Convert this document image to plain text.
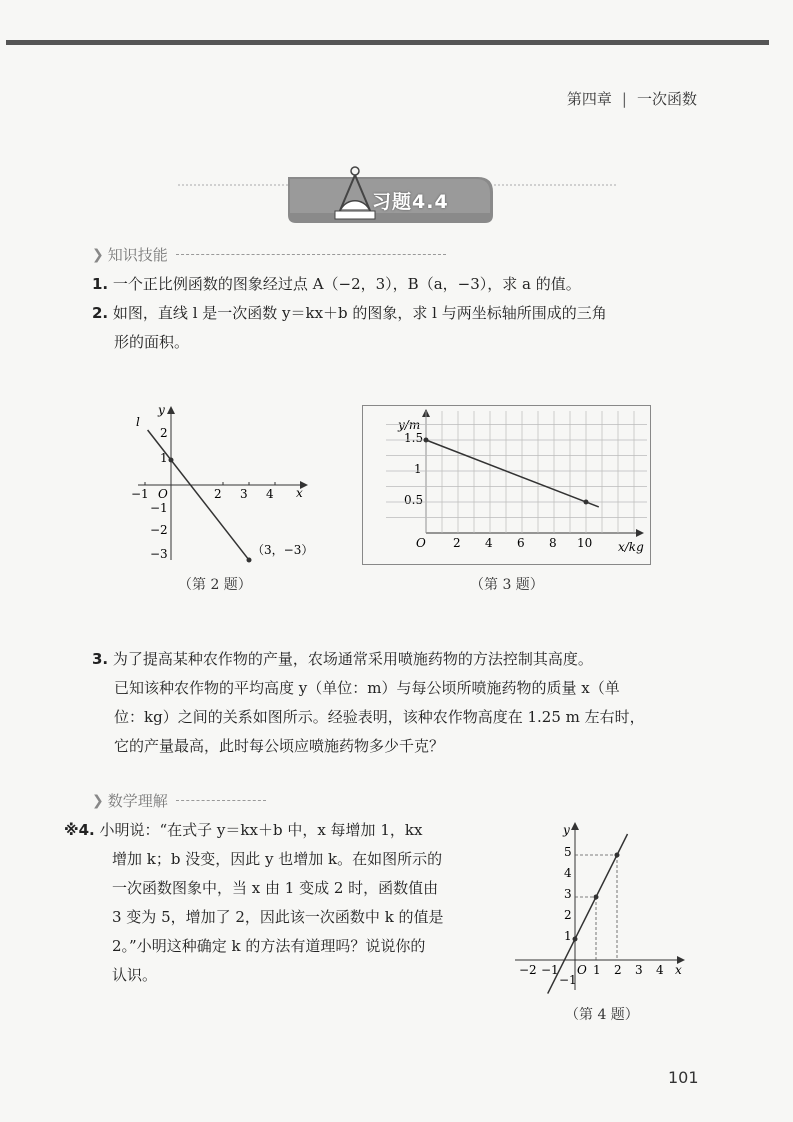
第四章 | 一次函数
习题4.4
❯ 知识技能
1. 一个正比例函数的图象经过点 A（−2，3），B（a，−3），求 a 的值。
2. 如图，直线 l 是一次函数 y＝kx＋b 的图象，求 l 与两坐标轴所围成的三角
形的面积。
x
y
O
l
−1	2 3 4
2
1
−1
−2
−3	（3，−3）
（第 2 题）
y/m
x/kg
O 2 4 6 8 10
1.5
1
0.5
（第 3 题）
3. 为了提高某种农作物的产量，农场通常采用喷施药物的方法控制其高度。
已知该种农作物的平均高度 y（单位：m）与每公顷所喷施药物的质量 x（单
位：kg）之间的关系如图所示。经验表明，该种农作物高度在 1.25 m 左右时，
它的产量最高，此时每公顷应喷施药物多少千克？
❯ 数学理解
※4. 小明说：“在式子 y＝kx＋b 中，x 每增加 1，kx
增加 k；b 没变，因此 y 也增加 k。在如图所示的
一次函数图象中，当 x 由 1 变成 2 时，函数值由
3 变为 5，增加了 2，因此该一次函数中 k 的值是
2。”小明这种确定 k 的方法有道理吗？说说你的
认识。	x
y
O
−2 −1	1 2 3 4
5
4
3
2
1
−1
（第 4 题）
101
